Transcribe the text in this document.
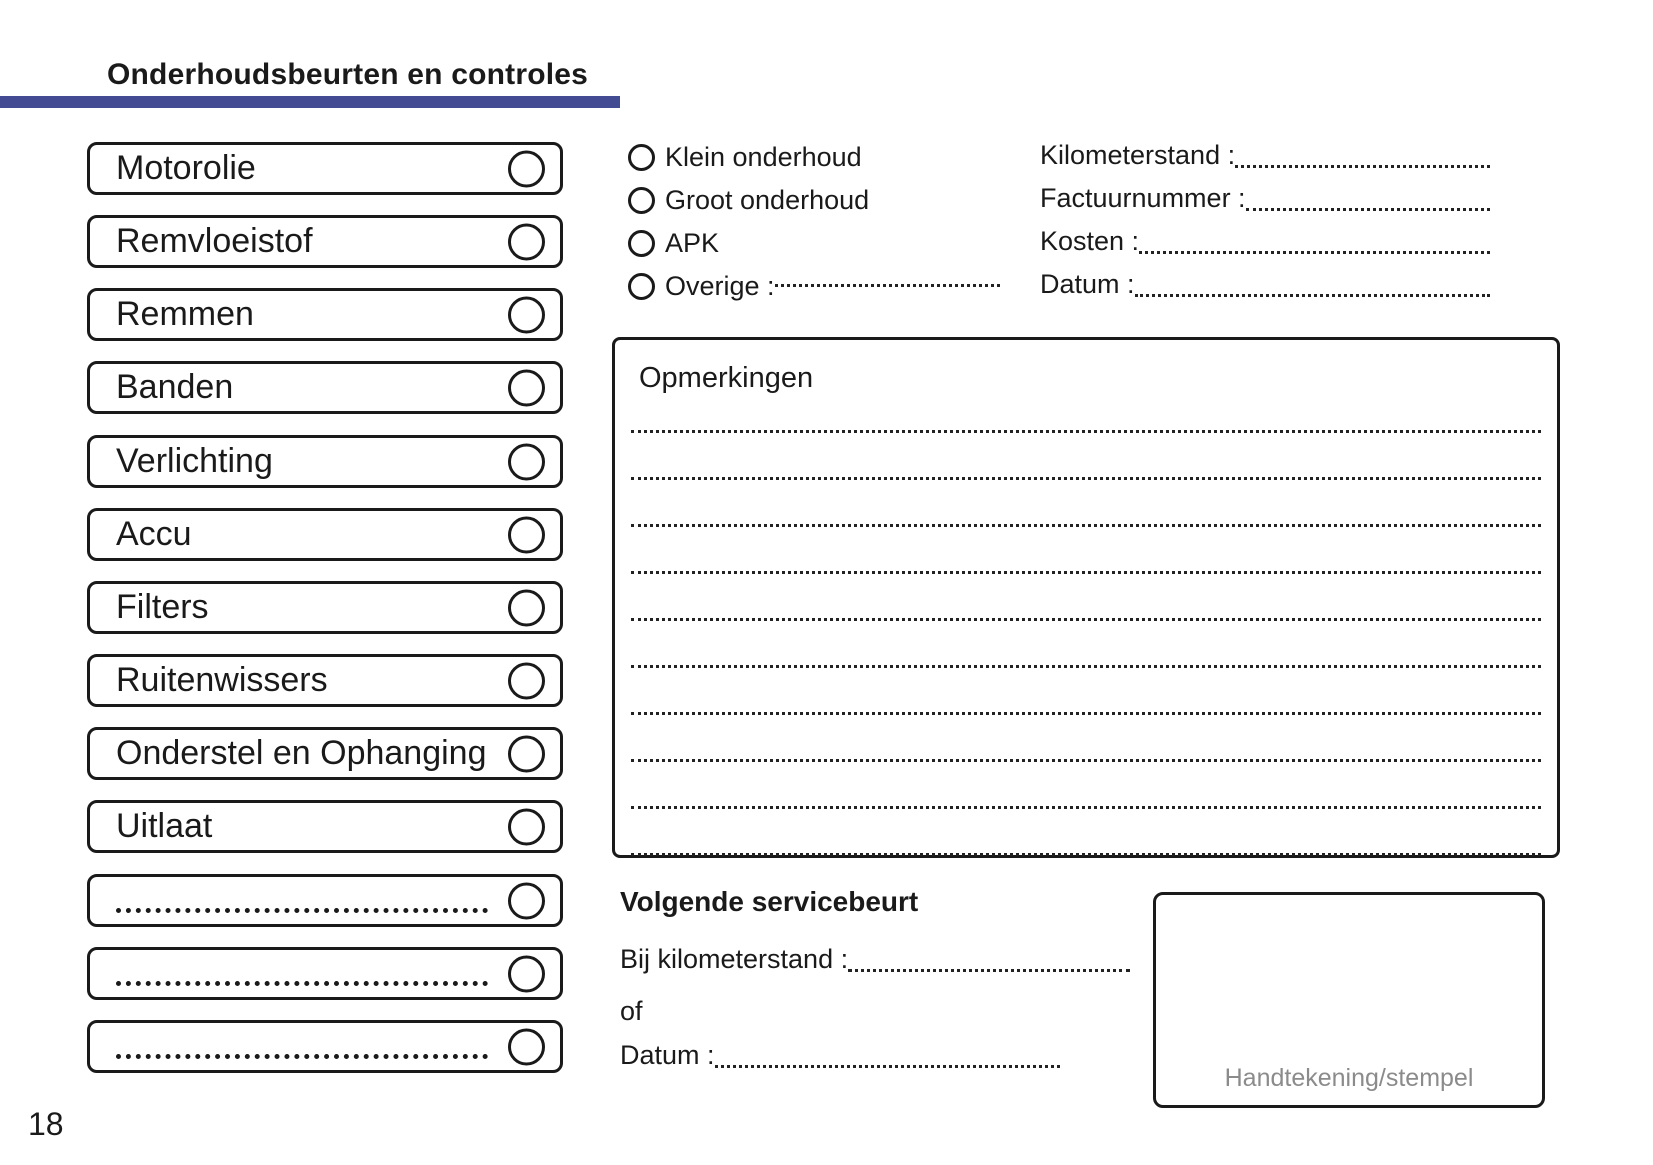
Onderhoudsbeurten en controles
Motorolie
Remvloeistof
Remmen
Banden
Verlichting
Accu
Filters
Ruitenwissers
Onderstel en Ophanging
Uitlaat
Klein onderhoud
Groot onderhoud
APK
Overige :
Kilometerstand :
Factuurnummer :
Kosten :
Datum :
Opmerkingen
Volgende servicebeurt
Bij kilometerstand :
of
Datum :
Handtekening/stempel
18
